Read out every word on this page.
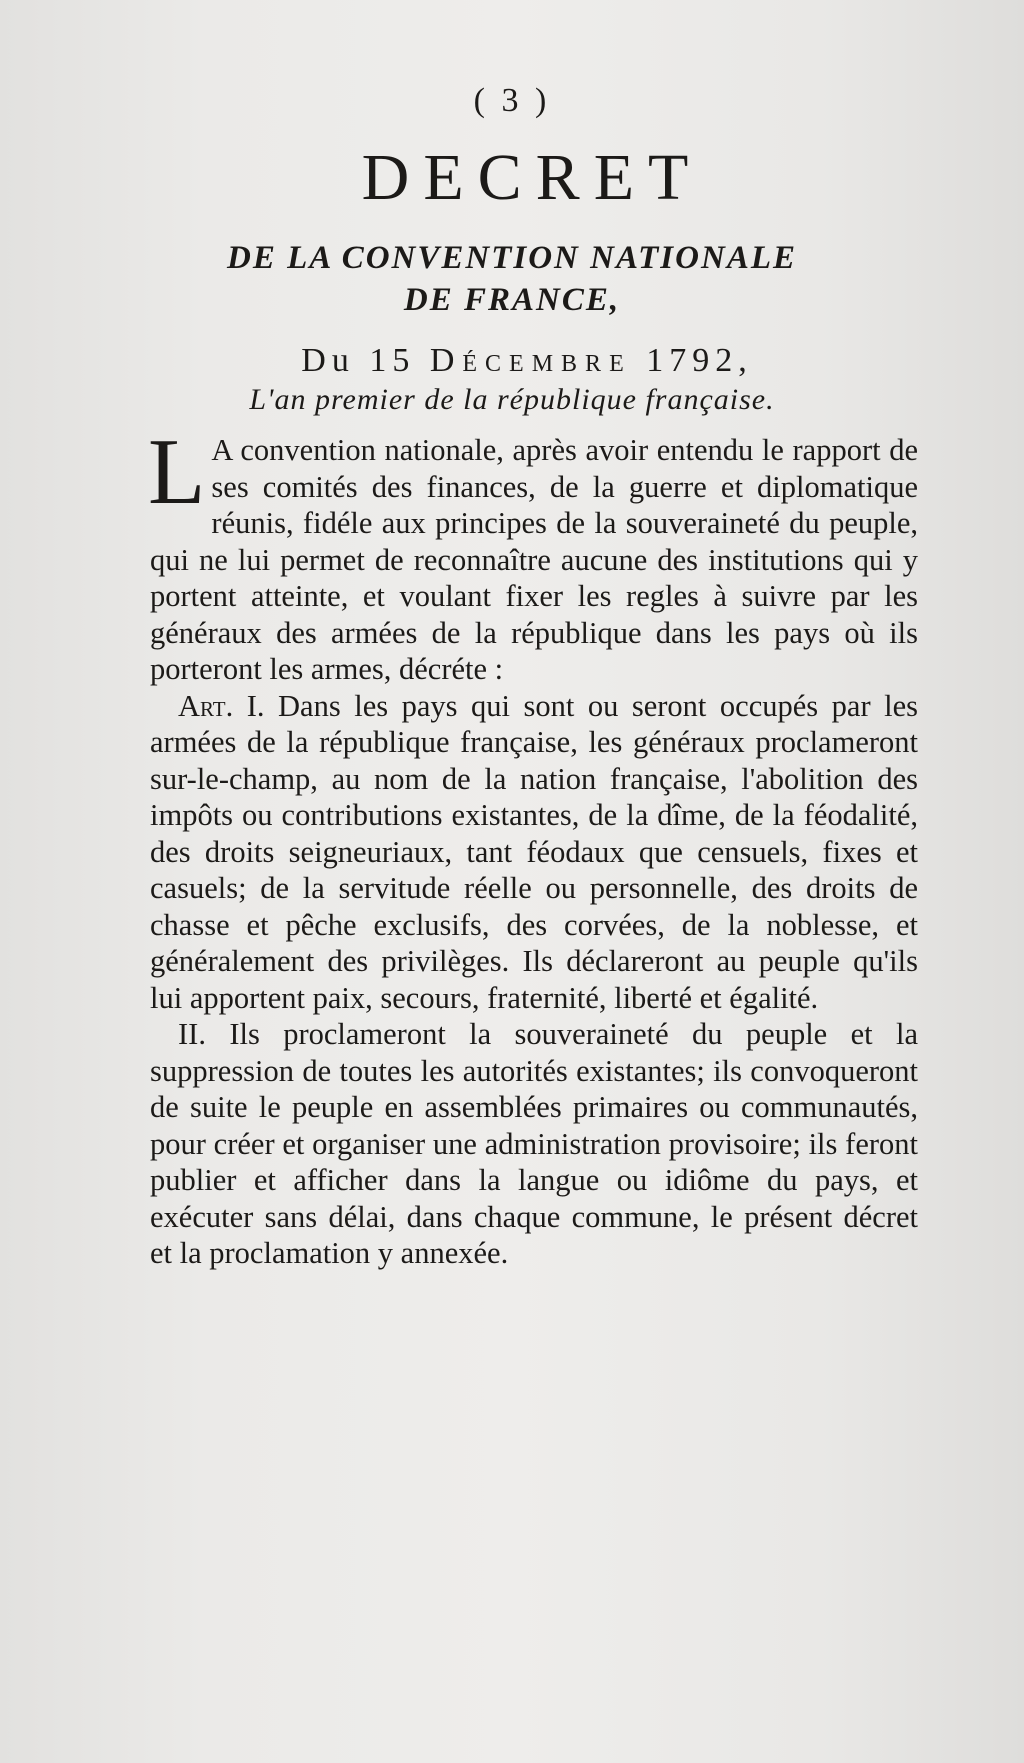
( 3 )
DECRET
DE LA CONVENTION NATIONALE
DE FRANCE,
Du 15 Décembre 1792,
L'an premier de la république française.

L A convention nationale, après avoir entendu le rapport de ses comités des finances, de la guerre et diplomatique réunis, fidéle aux principes de la souveraineté du peuple, qui ne lui permet de reconnaître aucune des institutions qui y portent atteinte, et voulant fixer les regles à suivre par les généraux des armées de la république dans les pays où ils porteront les armes, décréte :

Art. I. Dans les pays qui sont ou seront occupés par les armées de la république française, les généraux proclameront sur-le-champ, au nom de la nation française, l'abolition des impôts ou contributions existantes, de la dîme, de la féodalité, des droits seigneuriaux, tant féodaux que censuels, fixes et casuels; de la servitude réelle ou personnelle, des droits de chasse et pêche exclusifs, des corvées, de la noblesse, et généralement des privilèges. Ils déclareront au peuple qu'ils lui apportent paix, secours, fraternité, liberté et égalité.

II. Ils proclameront la souveraineté du peuple et la suppression de toutes les autorités existantes; ils convoqueront de suite le peuple en assemblées primaires ou communautés, pour créer et organiser une administration provisoire; ils feront publier et afficher dans la langue ou idiôme du pays, et exécuter sans délai, dans chaque commune, le présent décret et la proclamation y annexée.
